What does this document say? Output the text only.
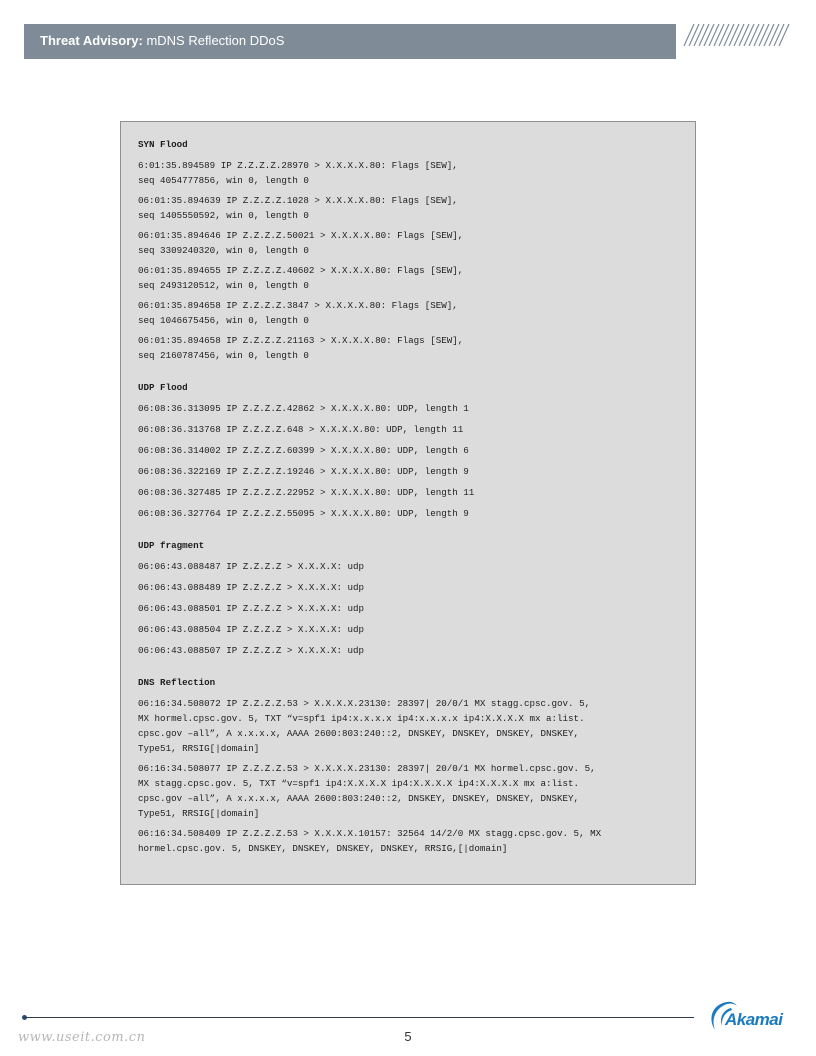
Threat Advisory: mDNS Reflection DDoS
SYN Flood
6:01:35.894589 IP Z.Z.Z.Z.28970 > X.X.X.X.80: Flags [SEW],
seq 4054777856, win 0, length 0
06:01:35.894639 IP Z.Z.Z.Z.1028 > X.X.X.X.80: Flags [SEW],
seq 1405550592, win 0, length 0
06:01:35.894646 IP Z.Z.Z.Z.50021 > X.X.X.X.80: Flags [SEW],
seq 3309240320, win 0, length 0
06:01:35.894655 IP Z.Z.Z.Z.40602 > X.X.X.X.80: Flags [SEW],
seq 2493120512, win 0, length 0
06:01:35.894658 IP Z.Z.Z.Z.3847 > X.X.X.X.80: Flags [SEW],
seq 1046675456, win 0, length 0
06:01:35.894658 IP Z.Z.Z.Z.21163 > X.X.X.X.80: Flags [SEW],
seq 2160787456, win 0, length 0
UDP Flood
06:08:36.313095 IP Z.Z.Z.Z.42862 > X.X.X.X.80: UDP, length 1
06:08:36.313768 IP Z.Z.Z.Z.648 > X.X.X.X.80: UDP, length 11
06:08:36.314002 IP Z.Z.Z.Z.60399 > X.X.X.X.80: UDP, length 6
06:08:36.322169 IP Z.Z.Z.Z.19246 > X.X.X.X.80: UDP, length 9
06:08:36.327485 IP Z.Z.Z.Z.22952 > X.X.X.X.80: UDP, length 11
06:08:36.327764 IP Z.Z.Z.Z.55095 > X.X.X.X.80: UDP, length 9
UDP fragment
06:06:43.088487 IP Z.Z.Z.Z > X.X.X.X: udp
06:06:43.088489 IP Z.Z.Z.Z > X.X.X.X: udp
06:06:43.088501 IP Z.Z.Z.Z > X.X.X.X: udp
06:06:43.088504 IP Z.Z.Z.Z > X.X.X.X: udp
06:06:43.088507 IP Z.Z.Z.Z > X.X.X.X: udp
DNS Reflection
06:16:34.508072 IP Z.Z.Z.Z.53 > X.X.X.X.23130: 28397| 20/0/1 MX stagg.cpsc.gov. 5,
MX hormel.cpsc.gov. 5, TXT “v=spf1 ip4:x.x.x.x ip4:x.x.x.x ip4:X.X.X.X mx a:list.
cpsc.gov –all”, A x.x.x.x, AAAA 2600:803:240::2, DNSKEY, DNSKEY, DNSKEY, DNSKEY,
Type51, RRSIG[|domain]
06:16:34.508077 IP Z.Z.Z.Z.53 > X.X.X.X.23130: 28397| 20/0/1 MX hormel.cpsc.gov. 5,
MX stagg.cpsc.gov. 5, TXT “v=spf1 ip4:X.X.X.X ip4:X.X.X.X ip4:X.X.X.X mx a:list.
cpsc.gov –all”, A x.x.x.x, AAAA 2600:803:240::2, DNSKEY, DNSKEY, DNSKEY, DNSKEY,
Type51, RRSIG[|domain]
06:16:34.508409 IP Z.Z.Z.Z.53 > X.X.X.X.10157: 32564 14/2/0 MX stagg.cpsc.gov. 5, MX
hormel.cpsc.gov. 5, DNSKEY, DNSKEY, DNSKEY, DNSKEY, RRSIG,[|domain]
www.useit.com.cn	5
Akamai
